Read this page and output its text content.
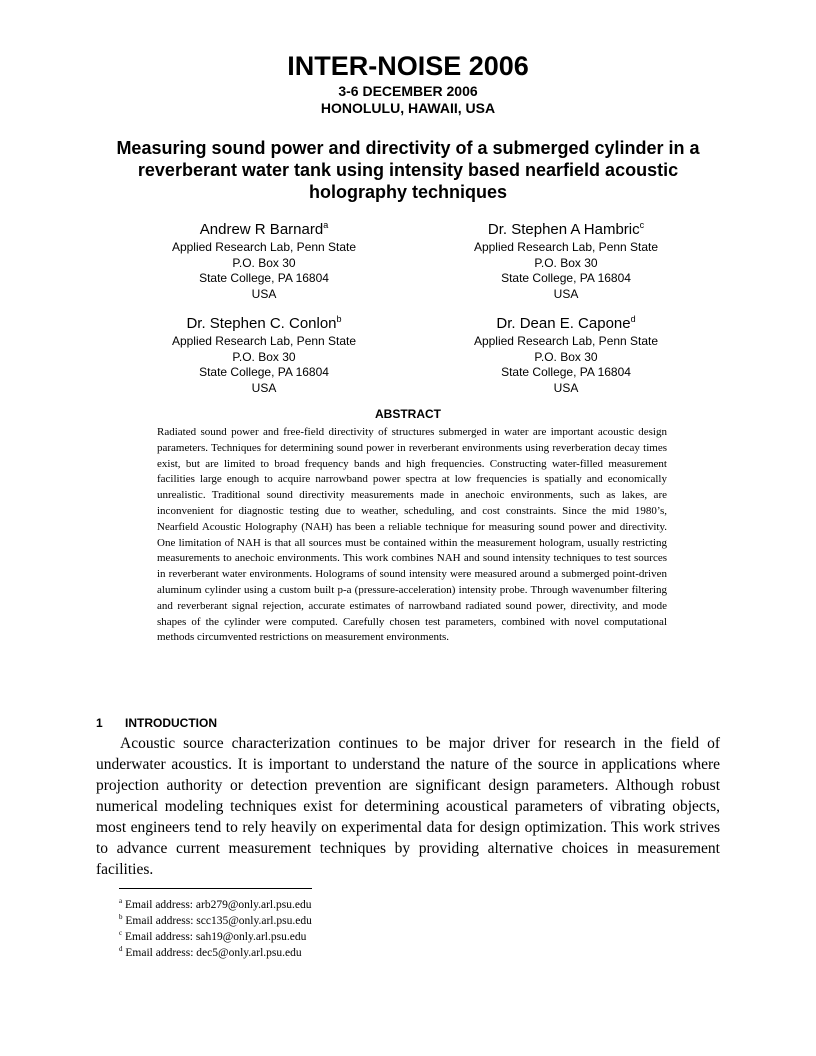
INTER-NOISE 2006
3-6 DECEMBER 2006
HONOLULU, HAWAII, USA
Measuring sound power and directivity of a submerged cylinder in a reverberant water tank using intensity based nearfield acoustic holography techniques
Andrew R Barnard$^a$
Applied Research Lab, Penn State
P.O. Box 30
State College, PA 16804
USA
Dr. Stephen A Hambric$^c$
Applied Research Lab, Penn State
P.O. Box 30
State College, PA 16804
USA
Dr. Stephen C. Conlon$^b$
Applied Research Lab, Penn State
P.O. Box 30
State College, PA 16804
USA
Dr. Dean E. Capone$^d$
Applied Research Lab, Penn State
P.O. Box 30
State College, PA 16804
USA
ABSTRACT

Radiated sound power and free-field directivity of structures submerged in water are important acoustic design parameters. Techniques for determining sound power in reverberant environments using reverberation decay times exist, but are limited to broad frequency bands and high frequencies. Constructing water-filled measurement facilities large enough to acquire narrowband power spectra at low frequencies is spatially and economically unrealistic. Traditional sound directivity measurements made in anechoic environments, such as lakes, are inconvenient for diagnostic testing due to weather, scheduling, and cost constraints. Since the mid 1980’s, Nearfield Acoustic Holography (NAH) has been a reliable technique for measuring sound power and directivity. One limitation of NAH is that all sources must be contained within the measurement hologram, usually restricting measurements to anechoic environments. This work combines NAH and sound intensity techniques to test sources in reverberant water environments. Holograms of sound intensity were measured around a submerged point-driven aluminum cylinder using a custom built p-a (pressure-acceleration) intensity probe. Through wavenumber filtering and reverberant signal rejection, accurate estimates of narrowband radiated sound power, directivity, and mode shapes of the cylinder were computed. Carefully chosen test parameters, combined with novel computational methods circumvented restrictions on measurement environments.

1 INTRODUCTION

Acoustic source characterization continues to be major driver for research in the field of underwater acoustics. It is important to understand the nature of the source in applications where projection authority or detection prevention are significant design parameters. Although robust numerical modeling techniques exist for determining acoustical parameters of vibrating objects, most engineers tend to rely heavily on experimental data for design optimization. This work strives to advance current measurement techniques by providing alternative choices in measurement facilities.

$^a$ Email address: arb279@only.arl.psu.edu
$^b$ Email address: scc135@only.arl.psu.edu
$^c$ Email address: sah19@only.arl.psu.edu
$^d$ Email address: dec5@only.arl.psu.edu
